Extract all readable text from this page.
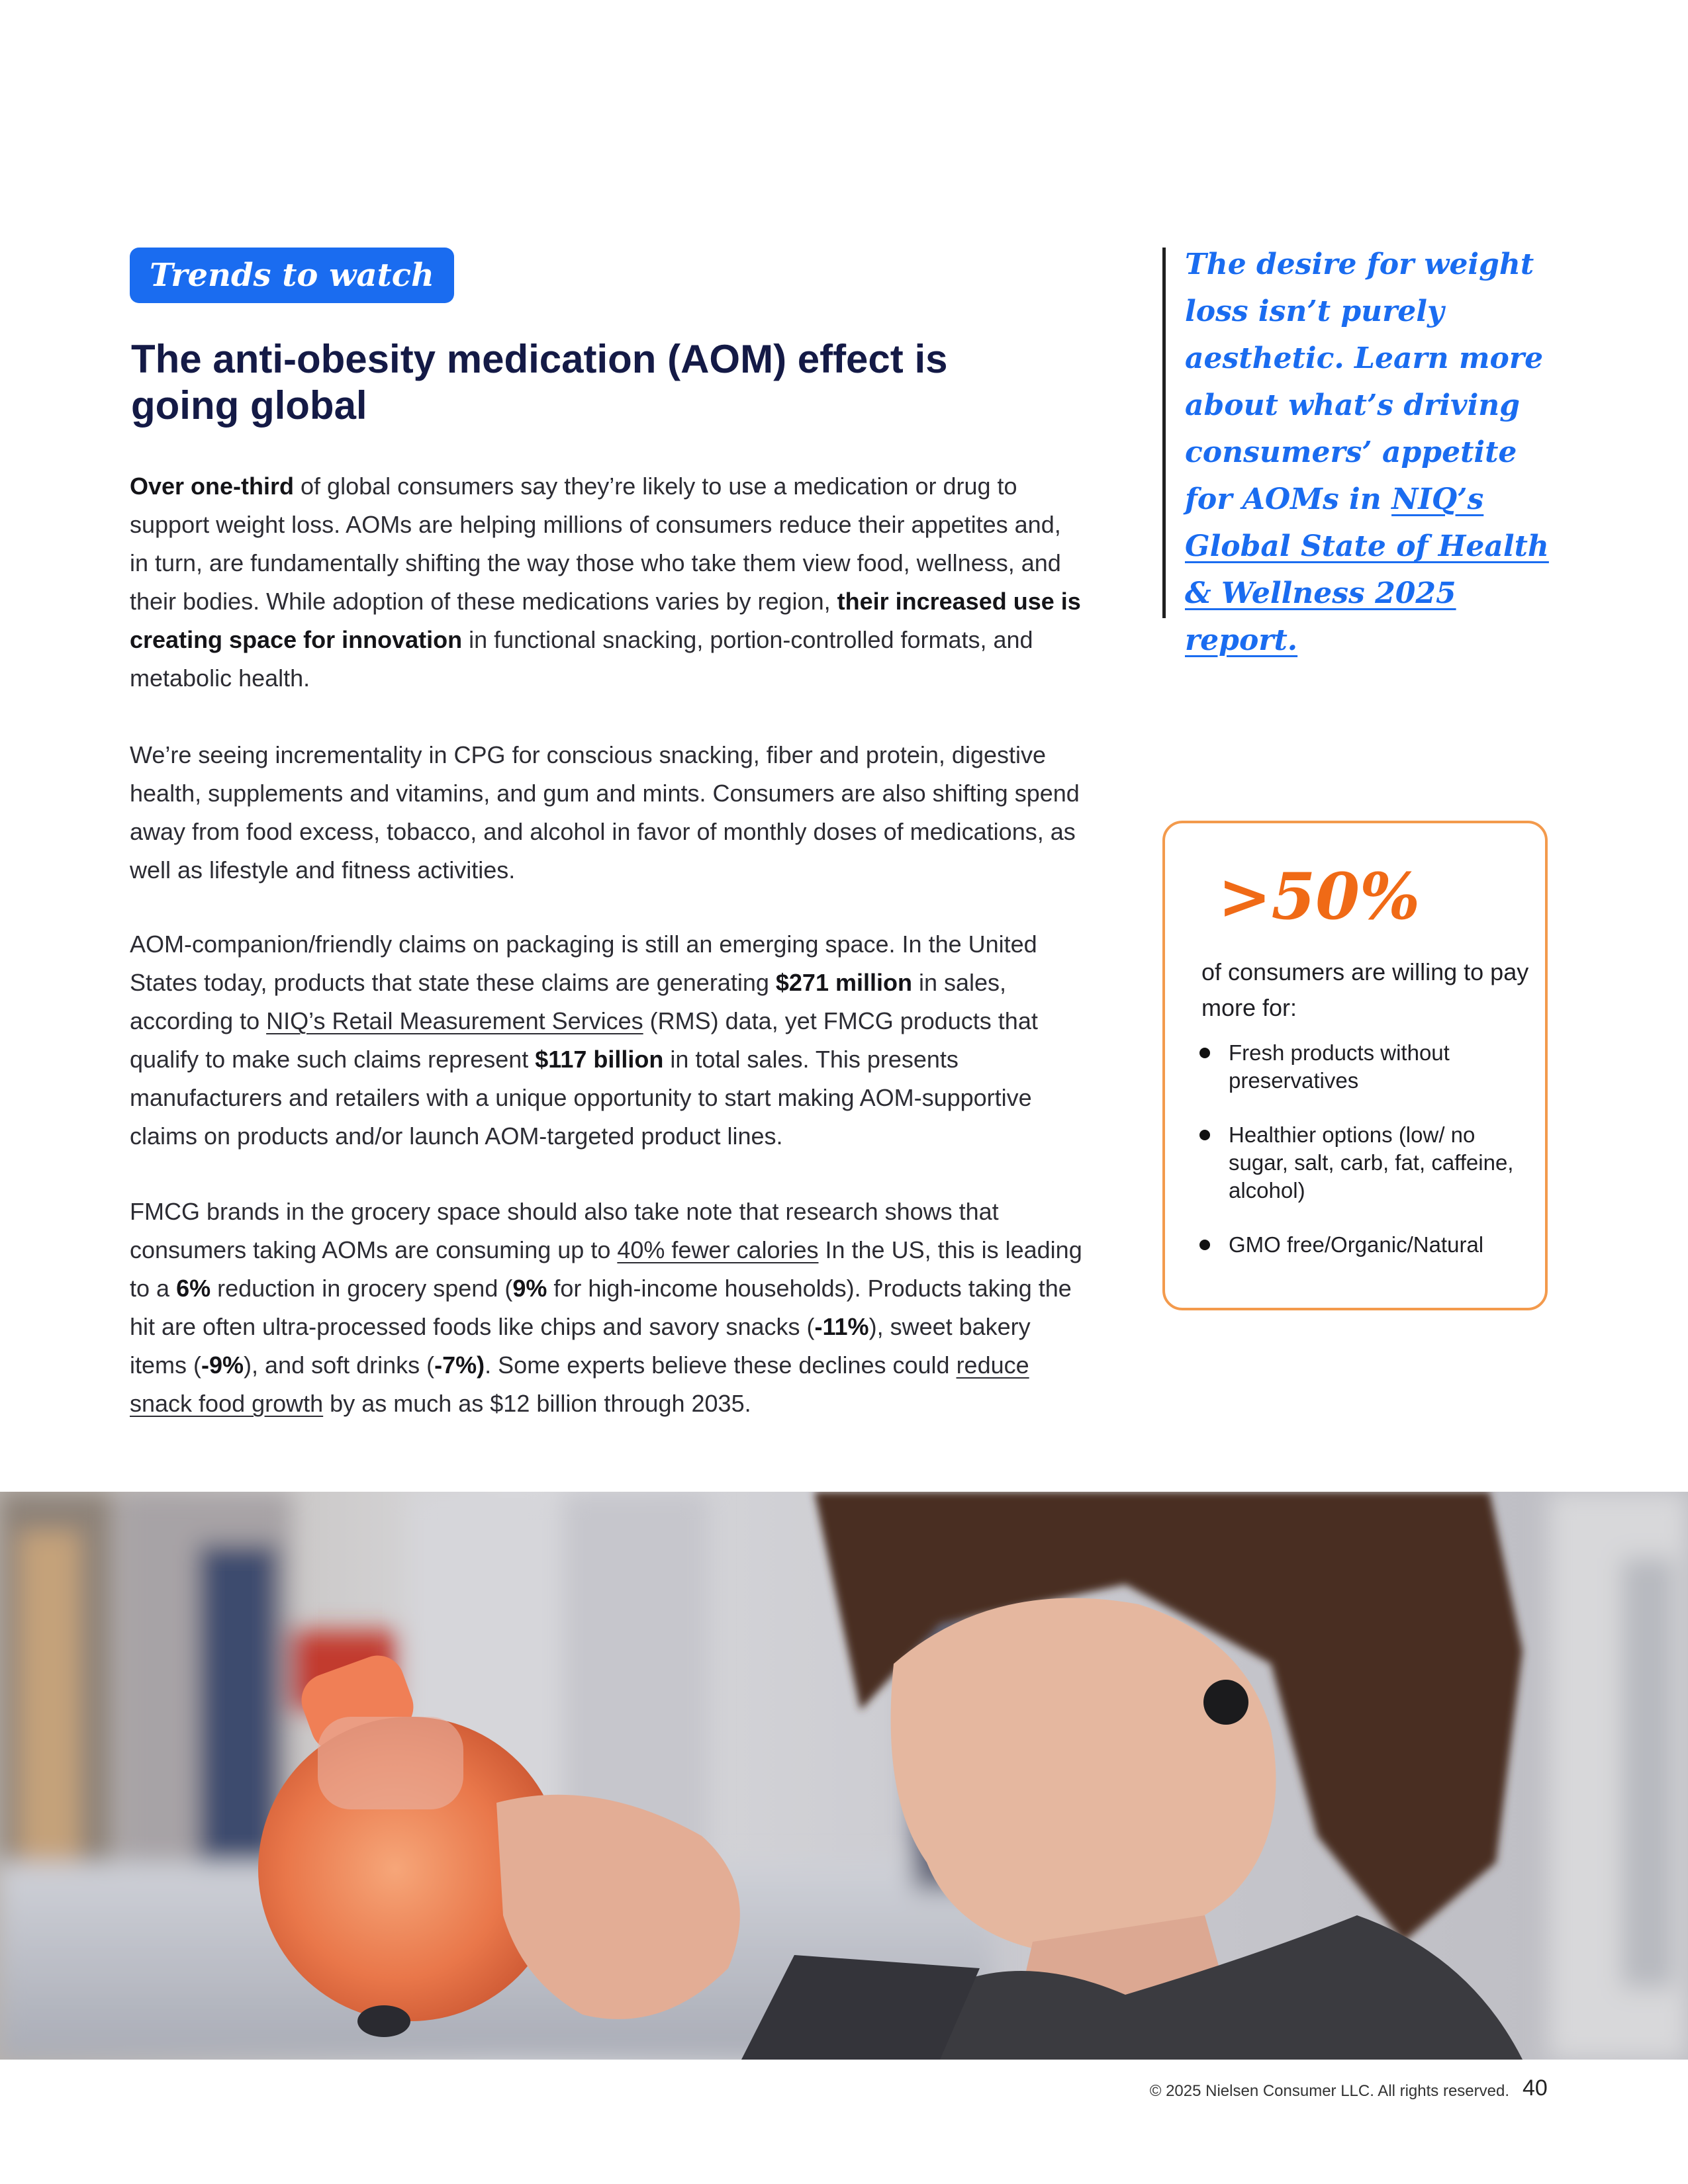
Trends to watch
The anti-obesity medication (AOM) effect is
going global

Over one-third of global consumers say they’re likely to use a medication or drug to support weight loss. AOMs are helping millions of consumers reduce their appetites and, in turn, are fundamentally shifting the way those who take them view food, wellness, and their bodies. While adoption of these medications varies by region, their increased use is creating space for innovation in functional snacking, portion-controlled formats, and metabolic health.

We’re seeing incrementality in CPG for conscious snacking, fiber and protein, digestive health, supplements and vitamins, and gum and mints. Consumers are also shifting spend away from food excess, tobacco, and alcohol in favor of monthly doses of medications, as well as lifestyle and fitness activities.

AOM-companion/friendly claims on packaging is still an emerging space. In the United States today, products that state these claims are generating $271 million in sales, according to NIQ’s Retail Measurement Services (RMS) data, yet FMCG products that qualify to make such claims represent $117 billion in total sales. This presents manufacturers and retailers with a unique opportunity to start making AOM-supportive claims on products and/or launch AOM-targeted product lines.

FMCG brands in the grocery space should also take note that research shows that consumers taking AOMs are consuming up to 40% fewer calories In the US, this is leading to a 6% reduction in grocery spend (9% for high-income households). Products taking the hit are often ultra-processed foods like chips and savory snacks (-11%), sweet bakery items (-9%), and soft drinks (-7%). Some experts believe these declines could reduce snack food growth by as much as $12 billion through 2035.

The desire for weight loss isn’t purely aesthetic. Learn more about what’s driving consumers’ appetite for AOMs in NIQ’s Global State of Health & Wellness 2025 report.

>50%

of consumers are willing to pay more for:

Fresh products without preservatives
Healthier options (low/ no sugar, salt, carb, fat, caffeine, alcohol)
GMO free/Organic/Natural
© 2025 Nielsen Consumer LLC. All rights reserved. 40
